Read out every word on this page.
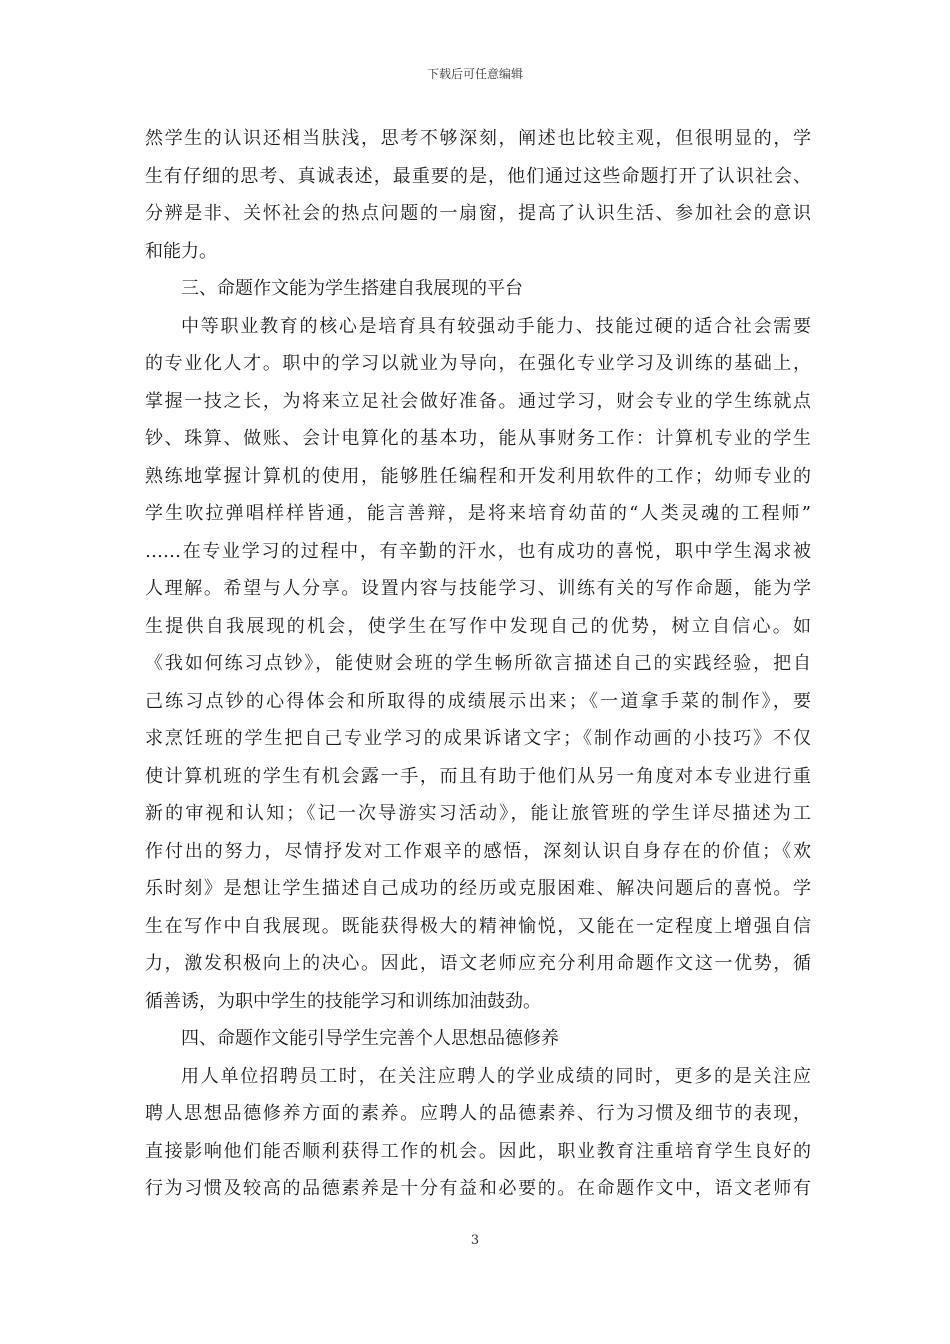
下载后可任意编辑
然学生的认识还相当肤浅，思考不够深刻，阐述也比较主观，但很明显的，学
生有仔细的思考、真诚表述，最重要的是，他们通过这些命题打开了认识社会、
分辨是非、关怀社会的热点问题的一扇窗，提高了认识生活、参加社会的意识
和能力。
三、命题作文能为学生搭建自我展现的平台
中等职业教育的核心是培育具有较强动手能力、技能过硬的适合社会需要
的专业化人才。职中的学习以就业为导向，在强化专业学习及训练的基础上，
掌握一技之长，为将来立足社会做好准备。通过学习，财会专业的学生练就点
钞、珠算、做账、会计电算化的基本功，能从事财务工作：计算机专业的学生
熟练地掌握计算机的使用，能够胜任编程和开发利用软件的工作；幼师专业的
学生吹拉弹唱样样皆通，能言善辩，是将来培育幼苗的“人类灵魂的工程师”
……在专业学习的过程中，有辛勤的汗水，也有成功的喜悦，职中学生渴求被
人理解。希望与人分享。设置内容与技能学习、训练有关的写作命题，能为学
生提供自我展现的机会，使学生在写作中发现自己的优势，树立自信心。如
《我如何练习点钞》，能使财会班的学生畅所欲言描述自己的实践经验，把自
己练习点钞的心得体会和所取得的成绩展示出来；《一道拿手菜的制作》，要
求烹饪班的学生把自己专业学习的成果诉诸文字；《制作动画的小技巧》不仅
使计算机班的学生有机会露一手，而且有助于他们从另一角度对本专业进行重
新的审视和认知；《记一次导游实习活动》，能让旅管班的学生详尽描述为工
作付出的努力，尽情抒发对工作艰辛的感悟，深刻认识自身存在的价值；《欢
乐时刻》是想让学生描述自己成功的经历或克服困难、解决问题后的喜悦。学
生在写作中自我展现。既能获得极大的精神愉悦，又能在一定程度上增强自信
力，激发积极向上的决心。因此，语文老师应充分利用命题作文这一优势，循
循善诱，为职中学生的技能学习和训练加油鼓劲。
四、命题作文能引导学生完善个人思想品德修养
用人单位招聘员工时，在关注应聘人的学业成绩的同时，更多的是关注应
聘人思想品德修养方面的素养。应聘人的品德素养、行为习惯及细节的表现，
直接影响他们能否顺利获得工作的机会。因此，职业教育注重培育学生良好的
行为习惯及较高的品德素养是十分有益和必要的。在命题作文中，语文老师有
3
